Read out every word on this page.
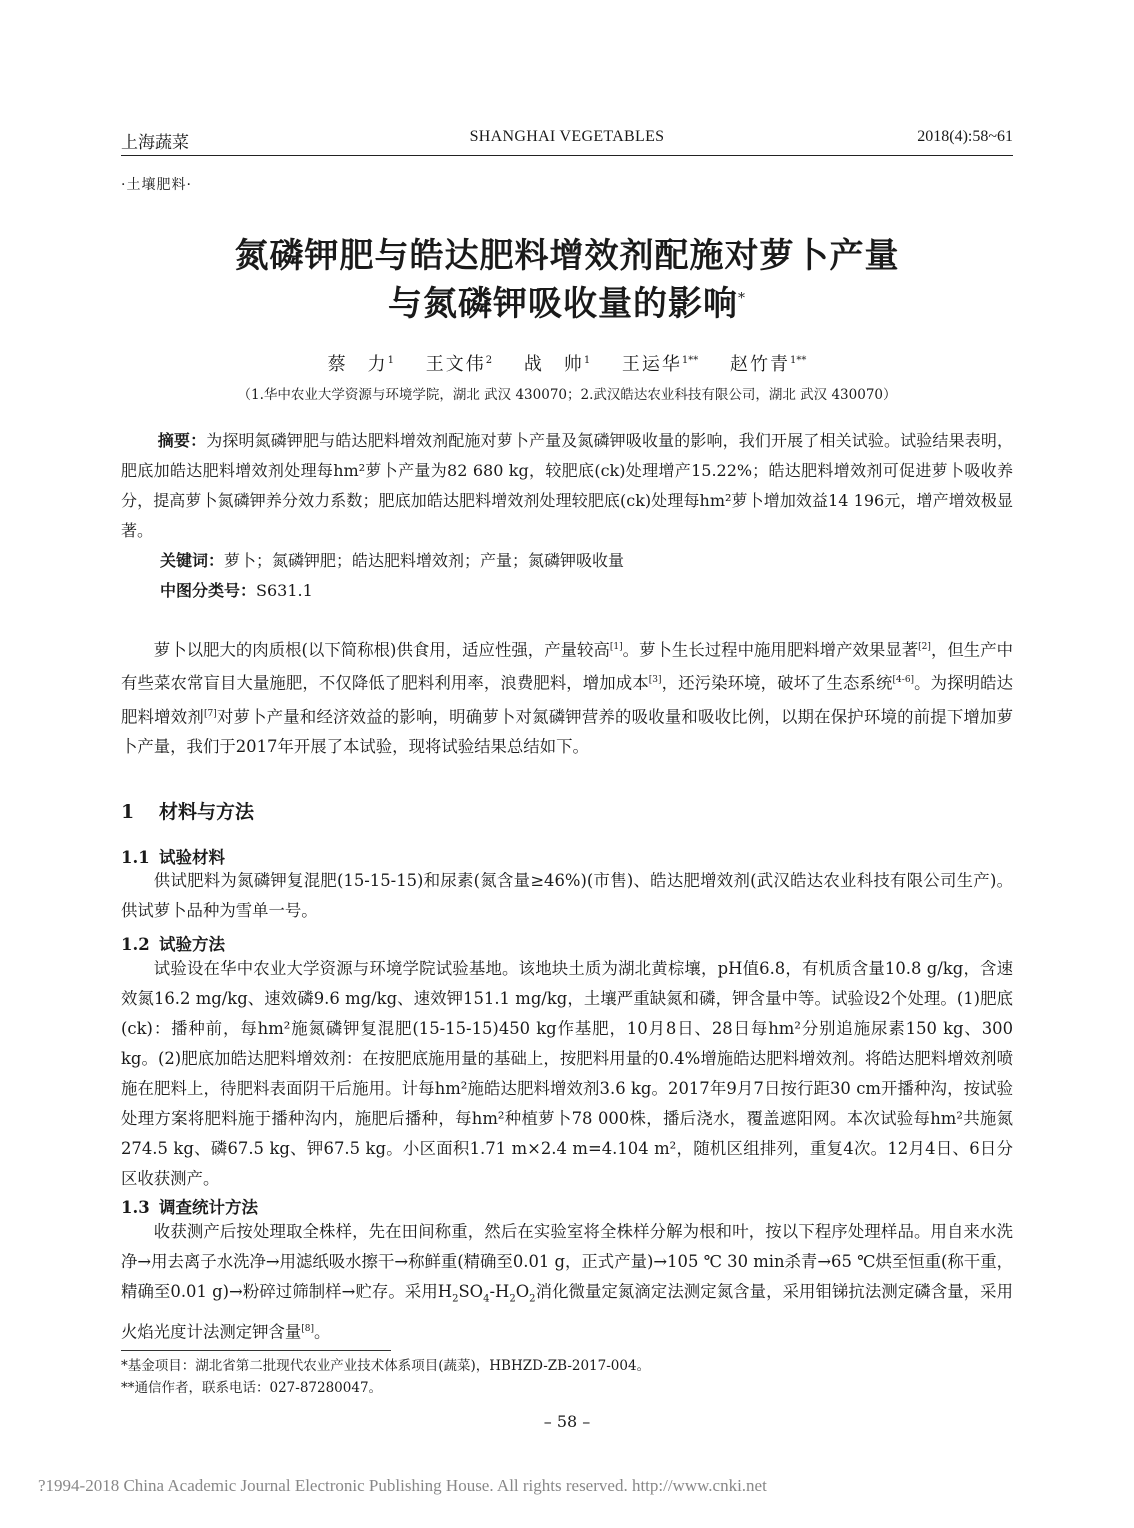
上海蔬菜	SHANGHAI VEGETABLES	2018(4):58~61
·土壤肥料·
氮磷钾肥与皓达肥料增效剂配施对萝卜产量
与氮磷钾吸收量的影响*
蔡　力$^1$ 王文伟$^2$ 战　帅$^1$ 王运华$^{1**}$ 赵竹青$^{1**}$
（1.华中农业大学资源与环境学院，湖北 武汉 430070；2.武汉皓达农业科技有限公司，湖北 武汉 430070）
摘要：为探明氮磷钾肥与皓达肥料增效剂配施对萝卜产量及氮磷钾吸收量的影响，我们开展了相关试验。试验结果表明，肥底加皓达肥料增效剂处理每hm²萝卜产量为82 680 kg，较肥底(ck)处理增产15.22%；皓达肥料增效剂可促进萝卜吸收养分，提高萝卜氮磷钾养分效力系数；肥底加皓达肥料增效剂处理较肥底(ck)处理每hm²萝卜增加效益14 196元，增产增效极显著。
关键词：萝卜；氮磷钾肥；皓达肥料增效剂；产量；氮磷钾吸收量
中图分类号：S631.1

萝卜以肥大的肉质根(以下简称根)供食用，适应性强，产量较高[1]。萝卜生长过程中施用肥料增产效果显著[2]，但生产中有些菜农常盲目大量施肥，不仅降低了肥料利用率，浪费肥料，增加成本[3]，还污染环境，破坏了生态系统[4-6]。为探明皓达肥料增效剂[7]对萝卜产量和经济效益的影响，明确萝卜对氮磷钾营养的吸收量和吸收比例，以期在保护环境的前提下增加萝卜产量，我们于2017年开展了本试验，现将试验结果总结如下。

1 材料与方法
1.1 试验材料

供试肥料为氮磷钾复混肥(15-15-15)和尿素(氮含量≥46%)(市售)、皓达肥增效剂(武汉皓达农业科技有限公司生产)。供试萝卜品种为雪单一号。

1.2 试验方法

试验设在华中农业大学资源与环境学院试验基地。该地块土质为湖北黄棕壤，pH值6.8，有机质含量10.8 g/kg，含速效氮16.2 mg/kg、速效磷9.6 mg/kg、速效钾151.1 mg/kg，土壤严重缺氮和磷，钾含量中等。试验设2个处理。(1)肥底(ck)：播种前，每hm²施氮磷钾复混肥(15-15-15)450 kg作基肥，10月8日、28日每hm²分别追施尿素150 kg、300 kg。(2)肥底加皓达肥料增效剂：在按肥底施用量的基础上，按肥料用量的0.4%增施皓达肥料增效剂。将皓达肥料增效剂喷施在肥料上，待肥料表面阴干后施用。计每hm²施皓达肥料增效剂3.6 kg。2017年9月7日按行距30 cm开播种沟，按试验处理方案将肥料施于播种沟内，施肥后播种，每hm²种植萝卜78 000株，播后浇水，覆盖遮阳网。本次试验每hm²共施氮274.5 kg、磷67.5 kg、钾67.5 kg。小区面积1.71 m×2.4 m=4.104 m²，随机区组排列，重复4次。12月4日、6日分区收获测产。

1.3 调查统计方法

收获测产后按处理取全株样，先在田间称重，然后在实验室将全株样分解为根和叶，按以下程序处理样品。用自来水洗净→用去离子水洗净→用滤纸吸水擦干→称鲜重(精确至0.01 g，正式产量)→105 ℃ 30 min杀青→65 ℃烘至恒重(称干重，精确至0.01 g)→粉碎过筛制样→贮存。采用$H_2SO_4-H_2O_2$消化微量定氮滴定法测定氮含量，采用钼锑抗法测定磷含量，采用火焰光度计法测定钾含量[8]。

*基金项目：湖北省第二批现代农业产业技术体系项目(蔬菜)，HBHZD-ZB-2017-004。
**通信作者，联系电话：027-87280047。
– 58 –
?1994-2018 China Academic Journal Electronic Publishing House. All rights reserved. http://www.cnki.net
